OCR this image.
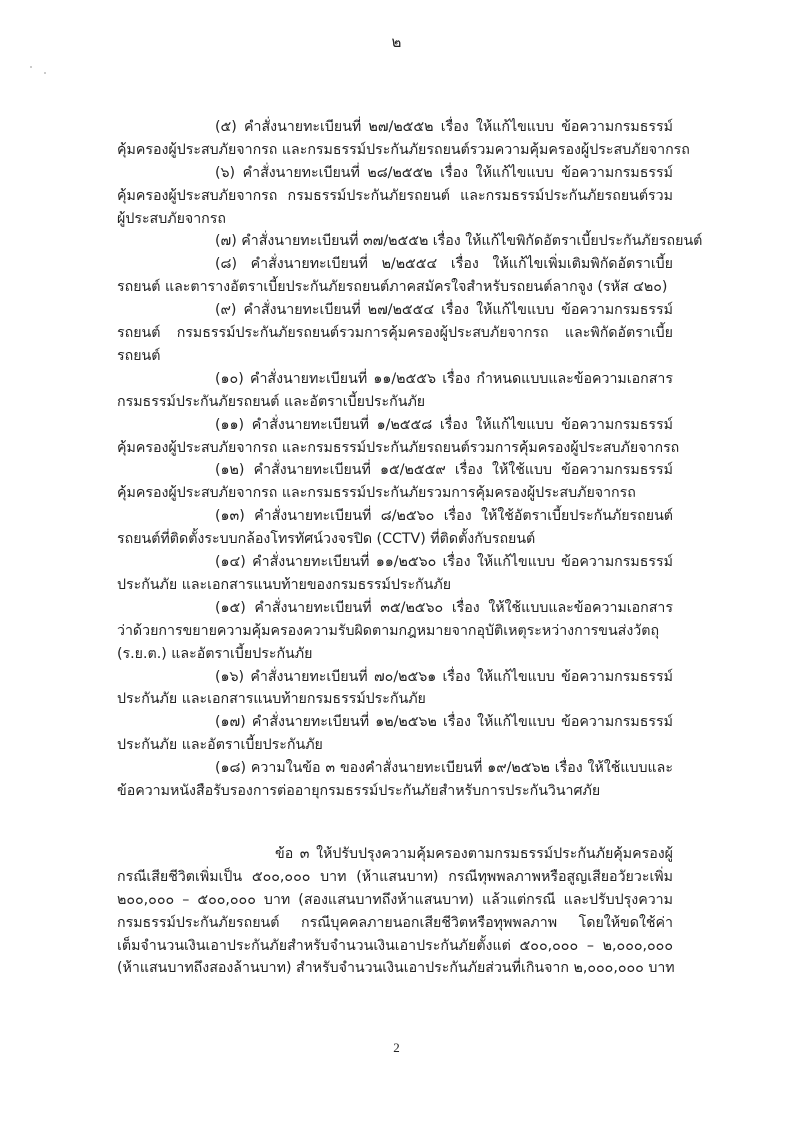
๒
(๕) คำสั่งนายทะเบียนที่ ๒๗/๒๕๕๒ เรื่อง ให้แก้ไขแบบ ข้อความกรมธรรม์
คุ้มครองผู้ประสบภัยจากรถ และกรมธรรม์ประกันภัยรถยนต์รวมความคุ้มครองผู้ประสบภัยจากรถ
(๖) คำสั่งนายทะเบียนที่ ๒๘/๒๕๕๒ เรื่อง ให้แก้ไขแบบ ข้อความกรมธรรม์
คุ้มครองผู้ประสบภัยจากรถ กรมธรรม์ประกันภัยรถยนต์ และกรมธรรม์ประกันภัยรถยนต์รวม
ผู้ประสบภัยจากรถ
(๗) คำสั่งนายทะเบียนที่ ๓๗/๒๕๕๒ เรื่อง ให้แก้ไขพิกัดอัตราเบี้ยประกันภัยรถยนต์
(๘) คำสั่งนายทะเบียนที่ ๒/๒๕๕๔ เรื่อง ให้แก้ไขเพิ่มเติมพิกัดอัตราเบี้ย
รถยนต์ และตารางอัตราเบี้ยประกันภัยรถยนต์ภาคสมัครใจสำหรับรถยนต์ลากจูง (รหัส ๔๒๐)
(๙) คำสั่งนายทะเบียนที่ ๒๗/๒๕๕๔ เรื่อง ให้แก้ไขแบบ ข้อความกรมธรรม์
รถยนต์ กรมธรรม์ประกันภัยรถยนต์รวมการคุ้มครองผู้ประสบภัยจากรถ และพิกัดอัตราเบี้ย
รถยนต์
(๑๐) คำสั่งนายทะเบียนที่ ๑๑/๒๕๕๖ เรื่อง กำหนดแบบและข้อความเอกสาร
กรมธรรม์ประกันภัยรถยนต์ และอัตราเบี้ยประกันภัย
(๑๑) คำสั่งนายทะเบียนที่ ๑/๒๕๕๘ เรื่อง ให้แก้ไขแบบ ข้อความกรมธรรม์
คุ้มครองผู้ประสบภัยจากรถ และกรมธรรม์ประกันภัยรถยนต์รวมการคุ้มครองผู้ประสบภัยจากรถ
(๑๒) คำสั่งนายทะเบียนที่ ๑๕/๒๕๕๙ เรื่อง ให้ใช้แบบ ข้อความกรมธรรม์
คุ้มครองผู้ประสบภัยจากรถ และกรมธรรม์ประกันภัยรวมการคุ้มครองผู้ประสบภัยจากรถ
(๑๓) คำสั่งนายทะเบียนที่ ๘/๒๕๖๐ เรื่อง ให้ใช้อัตราเบี้ยประกันภัยรถยนต์
รถยนต์ที่ติดตั้งระบบกล้องโทรทัศน์วงจรปิด (CCTV) ที่ติดตั้งกับรถยนต์
(๑๔) คำสั่งนายทะเบียนที่ ๑๑/๒๕๖๐ เรื่อง ให้แก้ไขแบบ ข้อความกรมธรรม์
ประกันภัย และเอกสารแนบท้ายของกรมธรรม์ประกันภัย
(๑๕) คำสั่งนายทะเบียนที่ ๓๕/๒๕๖๐ เรื่อง ให้ใช้แบบและข้อความเอกสาร
ว่าด้วยการขยายความคุ้มครองความรับผิดตามกฎหมายจากอุบัติเหตุระหว่างการขนส่งวัตถุ
(ร.ย.ต.) และอัตราเบี้ยประกันภัย
(๑๖) คำสั่งนายทะเบียนที่ ๗๐/๒๕๖๑ เรื่อง ให้แก้ไขแบบ ข้อความกรมธรรม์
ประกันภัย และเอกสารแนบท้ายกรมธรรม์ประกันภัย
(๑๗) คำสั่งนายทะเบียนที่ ๑๒/๒๕๖๒ เรื่อง ให้แก้ไขแบบ ข้อความกรมธรรม์
ประกันภัย และอัตราเบี้ยประกันภัย
(๑๘) ความในข้อ ๓ ของคำสั่งนายทะเบียนที่ ๑๙/๒๕๖๒ เรื่อง ให้ใช้แบบและ
ข้อความหนังสือรับรองการต่ออายุกรมธรรม์ประกันภัยสำหรับการประกันวินาศภัย
ข้อ ๓ ให้ปรับปรุงความคุ้มครองตามกรมธรรม์ประกันภัยคุ้มครองผู้
กรณีเสียชีวิตเพิ่มเป็น ๕๐๐,๐๐๐ บาท (ห้าแสนบาท) กรณีทุพพลภาพหรือสูญเสียอวัยวะเพิ่ม
๒๐๐,๐๐๐ – ๕๐๐,๐๐๐ บาท (สองแสนบาทถึงห้าแสนบาท) แล้วแต่กรณี และปรับปรุงความ
กรมธรรม์ประกันภัยรถยนต์ กรณีบุคคลภายนอกเสียชีวิตหรือทุพพลภาพ โดยให้ขดใช้ค่า
เต็มจำนวนเงินเอาประกันภัยสำหรับจำนวนเงินเอาประกันภัยตั้งแต่ ๕๐๐,๐๐๐ – ๒,๐๐๐,๐๐๐
(ห้าแสนบาทถึงสองล้านบาท) สำหรับจำนวนเงินเอาประกันภัยส่วนที่เกินจาก ๒,๐๐๐,๐๐๐ บาท
2
